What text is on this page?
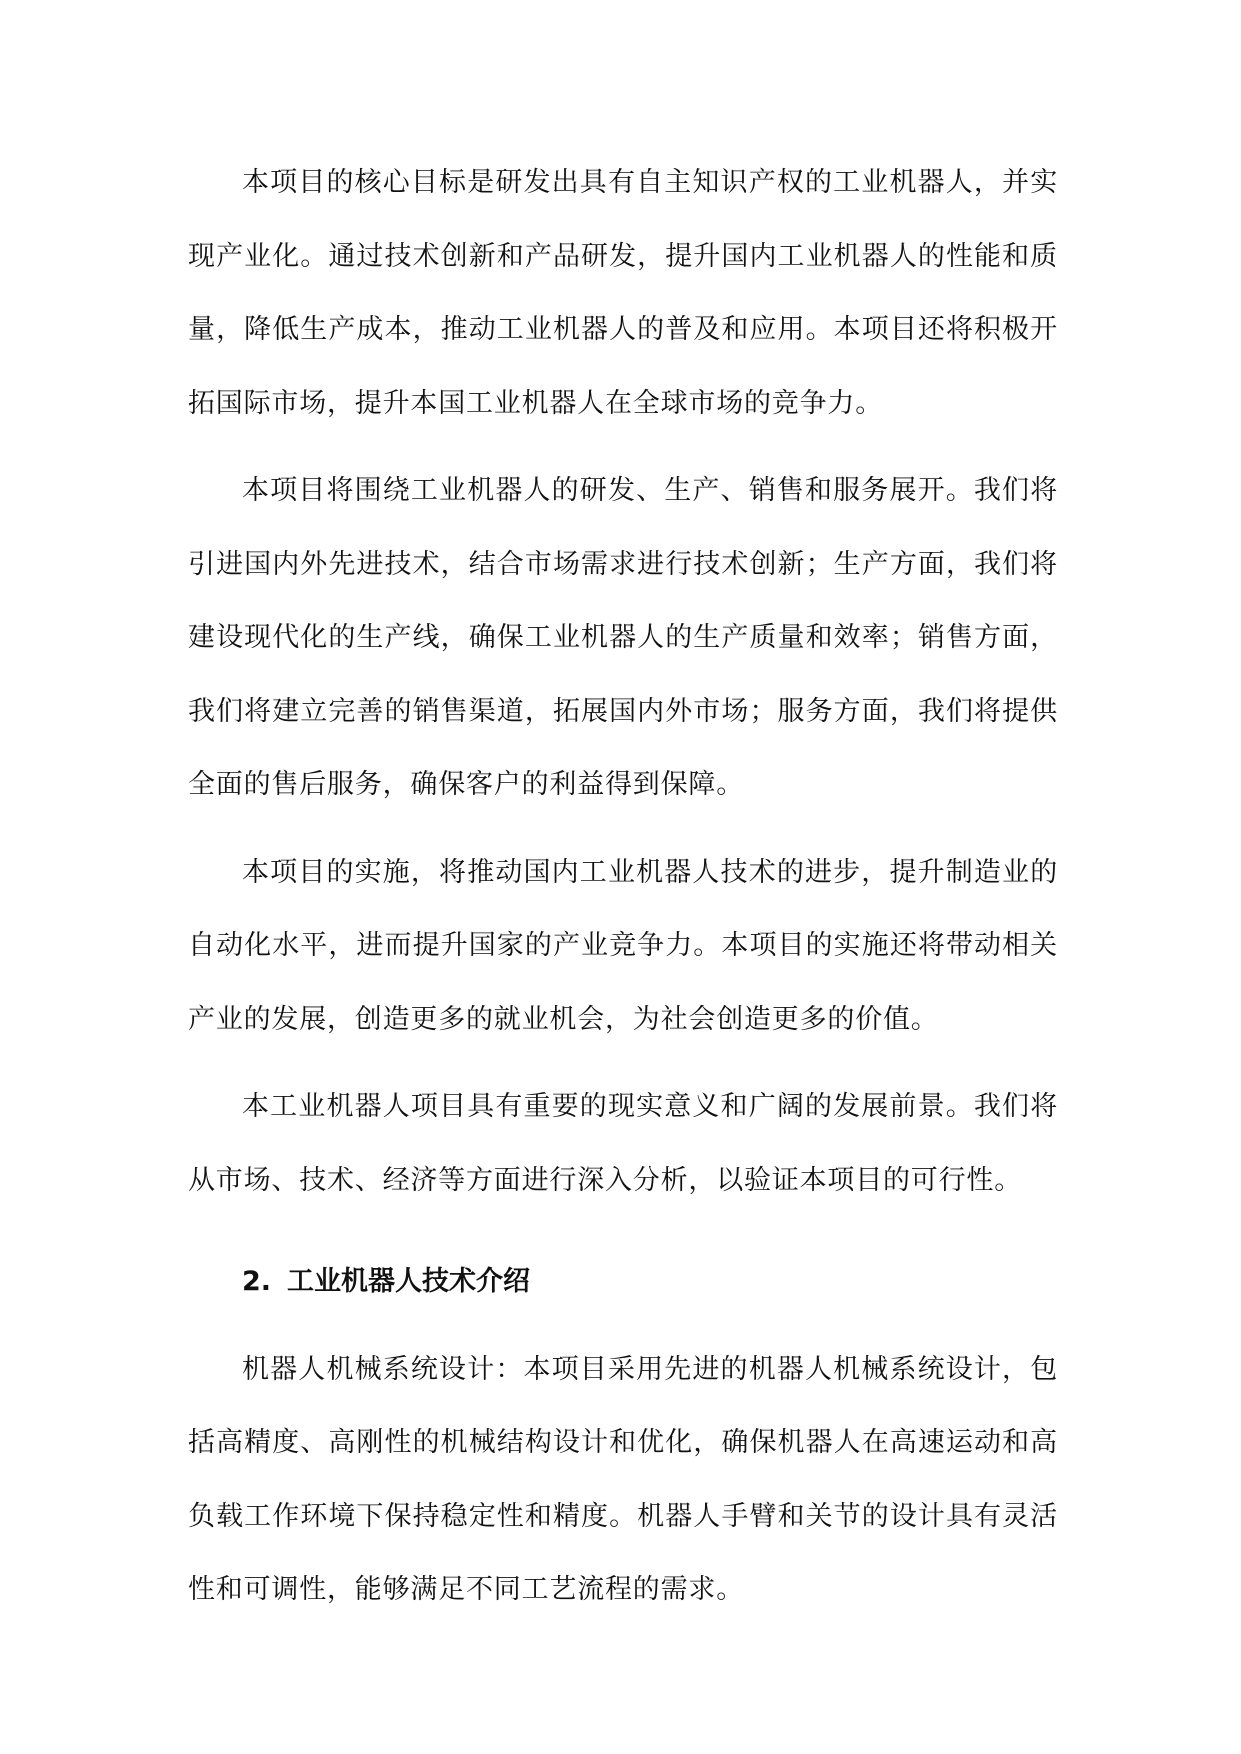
本项目的核心目标是研发出具有自主知识产权的工业机器人，并实现产业化。通过技术创新和产品研发，提升国内工业机器人的性能和质量，降低生产成本，推动工业机器人的普及和应用。本项目还将积极开拓国际市场，提升本国工业机器人在全球市场的竞争力。

本项目将围绕工业机器人的研发、生产、销售和服务展开。我们将引进国内外先进技术，结合市场需求进行技术创新；生产方面，我们将建设现代化的生产线，确保工业机器人的生产质量和效率；销售方面，我们将建立完善的销售渠道，拓展国内外市场；服务方面，我们将提供全面的售后服务，确保客户的利益得到保障。

本项目的实施，将推动国内工业机器人技术的进步，提升制造业的自动化水平，进而提升国家的产业竞争力。本项目的实施还将带动相关产业的发展，创造更多的就业机会，为社会创造更多的价值。

本工业机器人项目具有重要的现实意义和广阔的发展前景。我们将从市场、技术、经济等方面进行深入分析，以验证本项目的可行性。

2. 工业机器人技术介绍

机器人机械系统设计：本项目采用先进的机器人机械系统设计，包括高精度、高刚性的机械结构设计和优化，确保机器人在高速运动和高负载工作环境下保持稳定性和精度。机器人手臂和关节的设计具有灵活性和可调性，能够满足不同工艺流程的需求。
